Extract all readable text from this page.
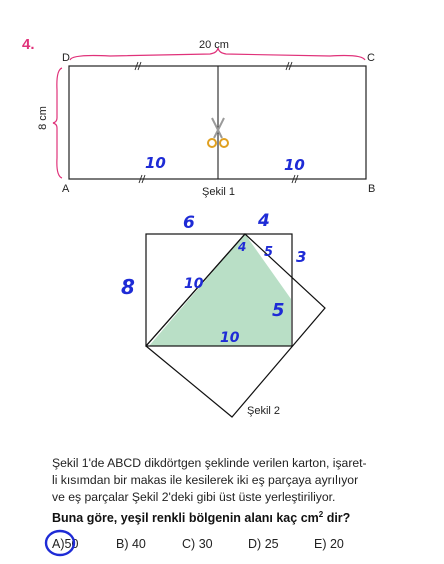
4.	20 cm
8 cm
D	C
A	B
Şekil 1
10	10
6	4
8	10
10
4 5 3
5
Şekil 2

Şekil 1'de ABCD dikdörtgen şeklinde verilen karton, işaret-

li kısımdan bir makas ile kesilerek iki eş parçaya ayrılıyor

ve eş parçalar Şekil 2'deki gibi üst üste yerleştiriliyor.

Buna göre, yeşil renkli bölgenin alanı kaç $cm^2$ dir?
A)50	B) 40	C) 30	D) 25	E) 20
